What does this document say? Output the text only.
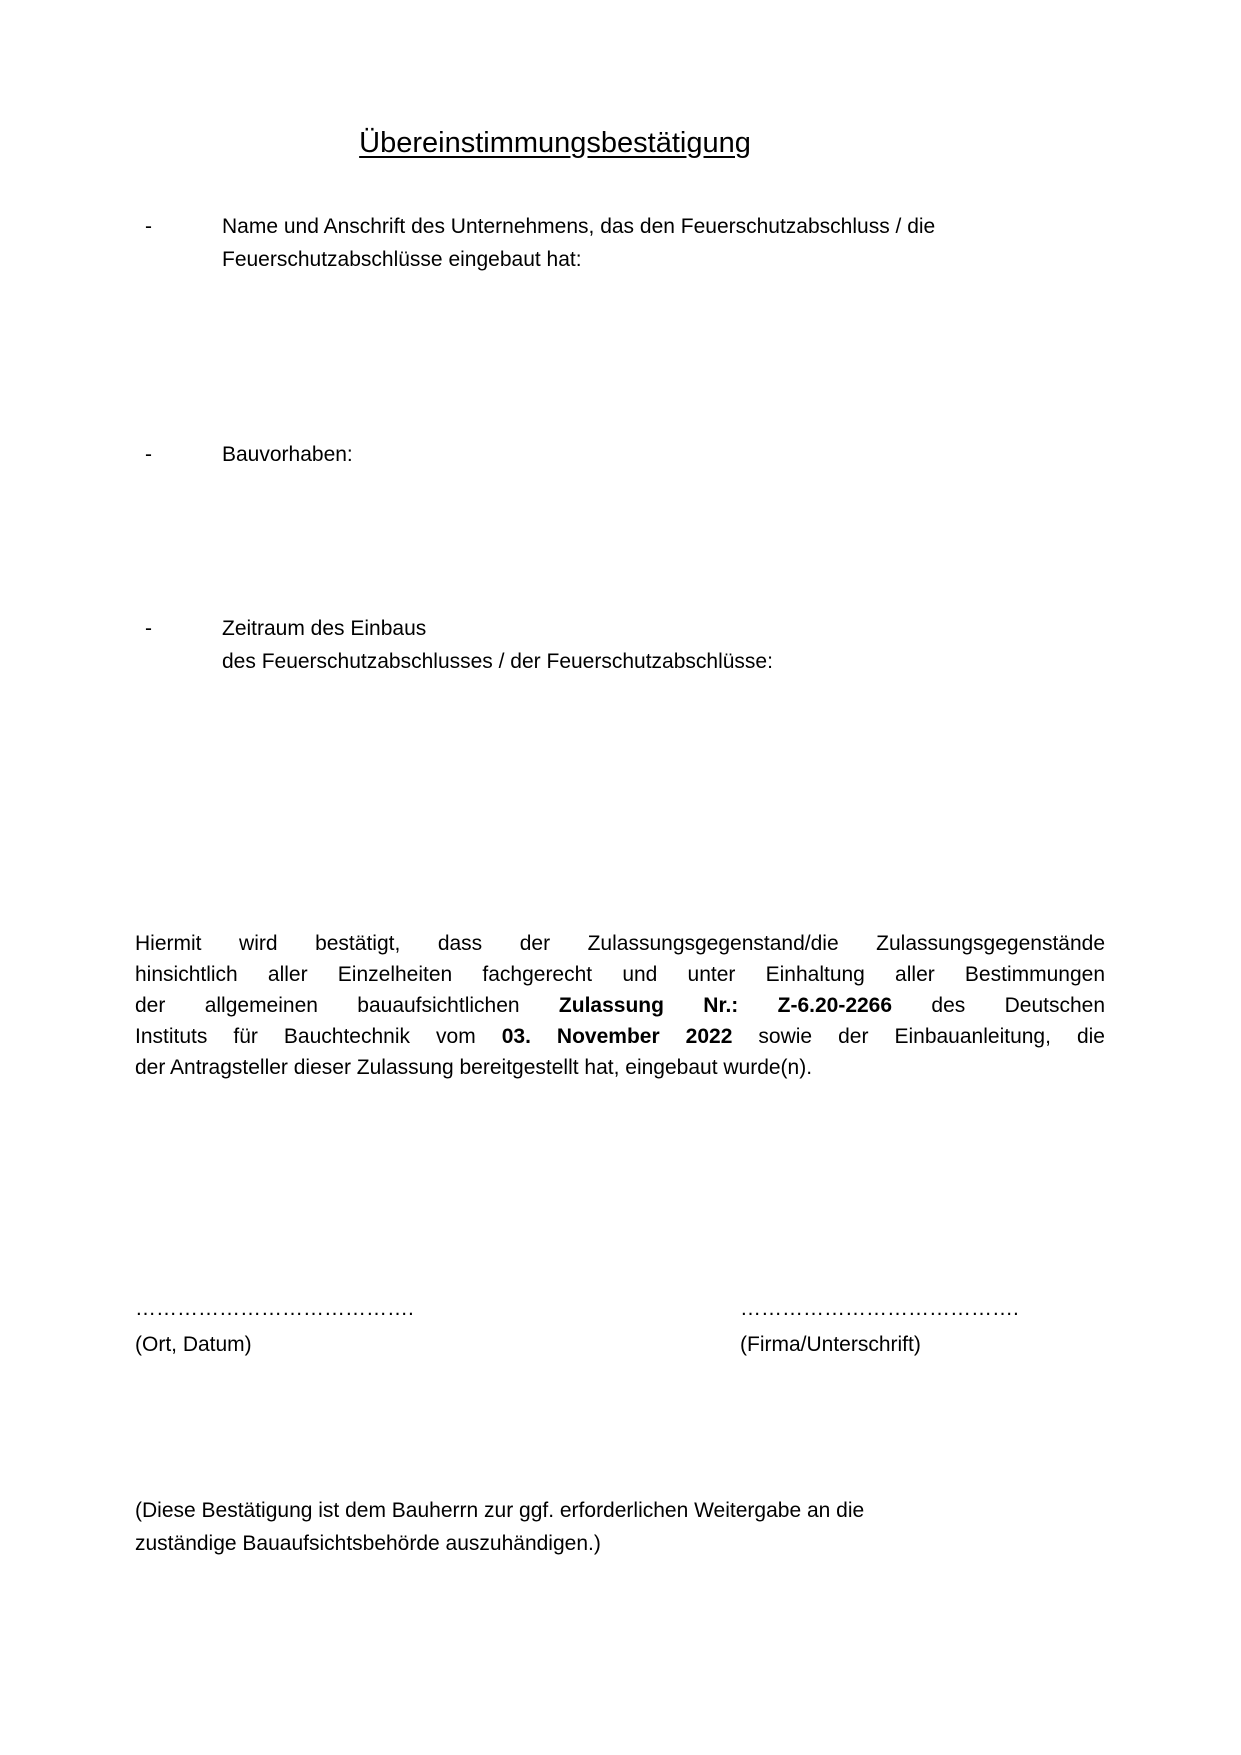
Übereinstimmungsbestätigung
-	Name und Anschrift des Unternehmens, das den Feuerschutzabschluss / die
Feuerschutzabschlüsse eingebaut hat:
-	Bauvorhaben:
-	Zeitraum des Einbaus
des Feuerschutzabschlusses / der Feuerschutzabschlüsse:
Hiermit wird bestätigt, dass der Zulassungsgegenstand/die Zulassungsgegenstände
hinsichtlich aller Einzelheiten fachgerecht und unter Einhaltung aller Bestimmungen
der allgemeinen bauaufsichtlichen Zulassung Nr.: Z-6.20-2266 des Deutschen
Instituts für Bauchtechnik vom 03. November 2022 sowie der Einbauanleitung, die
der Antragsteller dieser Zulassung bereitgestellt hat, eingebaut wurde(n).
………………………………….
(Ort, Datum)
………………………………….
(Firma/Unterschrift)
(Diese Bestätigung ist dem Bauherrn zur ggf. erforderlichen Weitergabe an die
zuständige Bauaufsichtsbehörde auszuhändigen.)
